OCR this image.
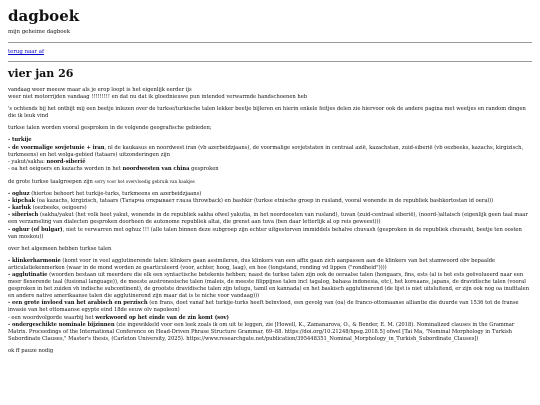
dagboek
mijn geheime dagboek
terug naar af
vier jan 26

vandaag weer meeuw maar als je erop loopt is het eigenlijk eerder ijs
weer niet motorrijden vandaag !!!!!!!!! en dat nu dat ik gloednieuwe pun intended verwarmde handschoenen heb

's ochtends bij het ontbijt mij een beetje inlezen over de turkse/turkische talen lekker beetje bijleren en hierin enkele feitjes delen zie hiervoor ook de andere pagina met weetjes en random dingen die ik leuk vind

turkse talen worden vooral gesproken in de volgende geografische gebieden;

- turkije
- de voormalige sovjetunie + iran, nl de kaukasus en noordwest iran (vb azerbeidzjaans), de voormalige sovjetstaten in centraal azië, kazachstan, zuid-siberië (vb oezbeeks, kazachs, kirgizisch, turkmeens) en het wolga-gebied (tataars) uitzonderingen zijn
- yakut/sakha: noord-siberië
- oa het oeigoers en kazachs worden in het noordwesten van china gesproken

de grote turkse taalgroepen zijn sorry voor het overvloedig gebruik van haakjes

- oghuz (hiertoe behoort het turkije-turks, turkmeens en azerbeidzjaans)
- kipchak (oa kazachs, kirgizisch, tataars (Татарча открывает глаза throwback) en bashkir (turkse etnische groep in rusland, vooral wonende in de republiek bashkortostan id oeral))
- karluk (oezbeeks, oeigoers)
- siberisch (sakha/yakut (het volk heet yakut, wonende in de republiek sakha ofwel yakutia, in het noordoosten van rusland), tuvan (zuid-centraal siberië), (noord-)altaisch (eigenlijk geen taal maar een verzameling van dialecten gesproken doorheen de autonome republiek altai, die grenst aan tuva (ben daar letterlijk al op reis geweest)))
- oghur (of bulgar), niet te verwarren met oghuz !!! (alle talen binnen deze subgroep zijn echter uitgestorven immiddels behalve chuvash (gesproken in de republiek chuvashi, beetje ten oosten van moskou))

over het algemeen hebben turkse talen

- klinkerharmonie (komt voor in veel agglutinerende talen: klinkers gaan assimileren, dus klinkers van een affix gaan zich aanpassen aan de klinkers van het stamwoord obv bepaalde articulatiekenmerken (waar in de mond worden ze gearticuleerd (voor, achter, hoog, laag), en hoe (tongstand, ronding vd lippen ("rondheid"))))
- agglutinatie (woorden bestaan uit meerdere die elk een syntactische betekenis hebben; naast de turkse talen zijn ook de oeraalse talen (hongaars, fins, ests (al is het ests geëvolueerd naar een meer flexerende taal (fusional language)), de meeste austronesische talen (maleis, de meeste filippijnse talen incl tagalog, bahasa indonesia, etc), het koreaans, japans, de dravidische talen (vooral gesproken in het zuiden vh indische subcontinent), de grootste dravidische talen zijn telugu, tamil en kannada) en het baskisch agglutinerend (de lijst is niet uitsluitend, er zijn ook nog oa inuïttalen en andere native amerikaanse talen die agglutinerend zijn maar dat is te niche voor vandaag)))
- een grote invloed van het arabisch en perzisch (en frans, doet vanaf het turkije-turks heeft beïnvloed, een gevolg van (oa) de franco-ottomaanse alliantie die duurde van 1536 tot de franse invasie van het ottomaanse egypte eind 18de eeuw olv napoleon)
- een woordvolgorde waarbij het werkwoord op het einde van de zin komt (sov)
- ondergeschikte nominale bijzinnen (zie ingewikkeld voor een leek zoals ik om uit te leggen, zie [Howell, K., Zamanarova, O., & Bender, E. M. (2018). Nominalized clauses in the Grammar Matrix. Proceedings of the International Conference on Head-Driven Phrase Structure Grammar, 69–88. https://doi.org/10.21248/hpsg.2018.5] ofwel [Tai Ma, "Nominal Morphology in Turkish Subordinate Clauses," Master's thesis, (Carleton University, 2025). https://www.researchgate.net/publication/395448351_Nominal_Morphology_in_Turkish_Subordinate_Clauses])

ok ff pauze nodig
